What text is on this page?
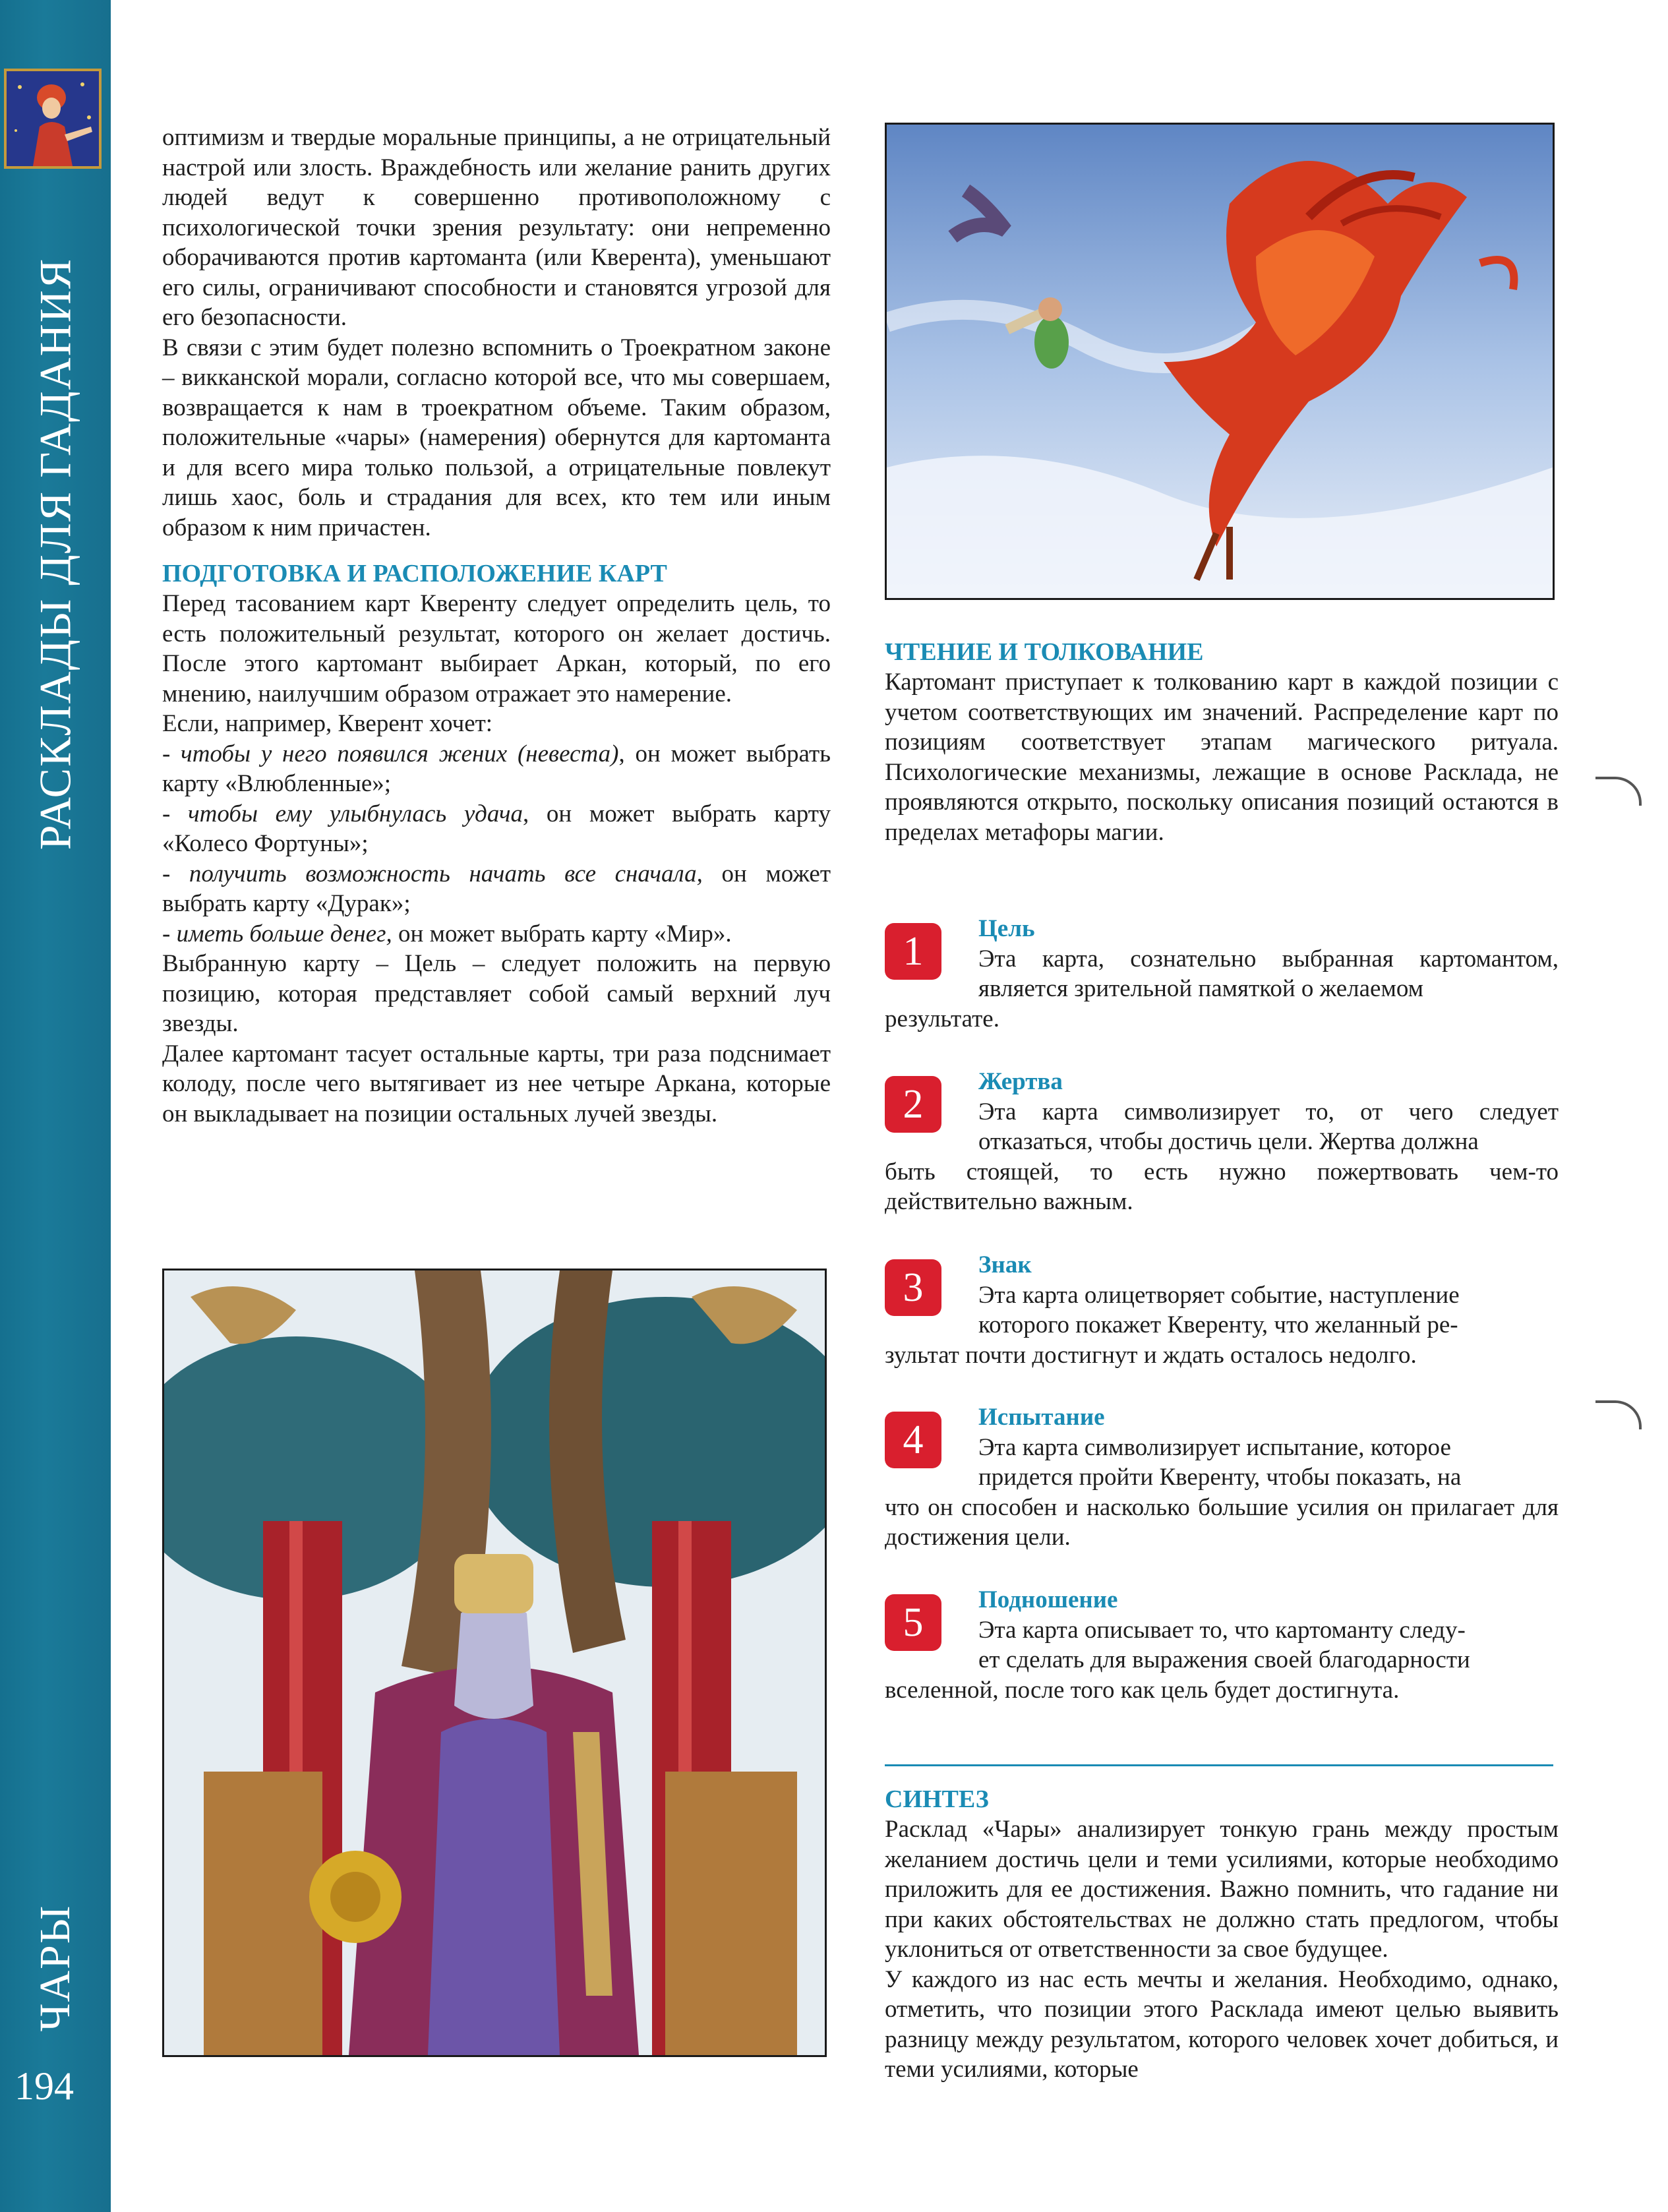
РАСКЛАДЫ ДЛЯ ГАДАНИЯ
ЧАРЫ
194

оптимизм и твердые моральные принципы, а не отрицательный настрой или злость. Враждебность или желание ранить других людей ведут к совершенно противоположному с психологической точки зрения результату: они непременно оборачиваются против картоманта (или Кверента), уменьшают его силы, ограничивают способности и становятся угрозой для его безопасности.

В связи с этим будет полезно вспомнить о Троекратном законе – викканской морали, согласно которой все, что мы совершаем, возвращается к нам в троекратном объеме. Таким образом, положительные «чары» (намерения) обернутся для картоманта и для всего мира только пользой, а отрицательные повлекут лишь хаос, боль и страдания для всех, кто тем или иным образом к ним причастен.

ПОДГОТОВКА И РАСПОЛОЖЕНИЕ КАРТ

Перед тасованием карт Кверенту следует определить цель, то есть положительный результат, которого он желает достичь. После этого картомант выбирает Аркан, который, по его мнению, наилучшим образом отражает это намерение.

Если, например, Кверент хочет:

- чтобы у него появился жених (невеста), он может выбрать карту «Влюбленные»;

- чтобы ему улыбнулась удача, он может выбрать карту «Колесо Фортуны»;

- получить возможность начать все сначала, он может выбрать карту «Дурак»;

- иметь больше денег, он может выбрать карту «Мир».

Выбранную карту – Цель – следует положить на первую позицию, которая представляет собой самый верхний луч звезды.

Далее картомант тасует остальные карты, три раза подснимает колоду, после чего вытягивает из нее четыре Аркана, которые он выкладывает на позиции остальных лучей звезды.

ЧТЕНИЕ И ТОЛКОВАНИЕ

Картомант приступает к толкованию карт в каждой позиции с учетом соответствующих им значений. Распределение карт по позициям соответствует этапам магического ритуала. Психологические механизмы, лежащие в основе Расклада, не проявляются открыто, поскольку описания позиций остаются в пределах метафоры магии.

1
Цель
Эта карта, сознательно выбранная картомантом, является зрительной памяткой о желаемом
результате.
2
Жертва
Эта карта символизирует то, от чего следует отказаться, чтобы достичь цели. Жертва должна
быть стоящей, то есть нужно пожертвовать чем-то действительно важным.
3
Знак
Эта карта олицетворяет событие, наступление
которого покажет Кверенту, что желанный ре-
зультат почти достигнут и ждать осталось недолго.
4
Испытание
Эта карта символизирует испытание, которое
придется пройти Кверенту, чтобы показать, на
что он способен и насколько большие усилия он прилагает для достижения цели.
5
Подношение
Эта карта описывает то, что картоманту следу-
ет сделать для выражения своей благодарности
вселенной, после того как цель будет достигнута.

СИНТЕЗ

Расклад «Чары» анализирует тонкую грань между простым желанием достичь цели и теми усилиями, которые необходимо приложить для ее достижения. Важно помнить, что гадание ни при каких обстоятельствах не должно стать предлогом, чтобы уклониться от ответственности за свое будущее.

У каждого из нас есть мечты и желания. Необходимо, однако, отметить, что позиции этого Расклада имеют целью выявить разницу между результатом, которого человек хочет добиться, и теми усилиями, которые
